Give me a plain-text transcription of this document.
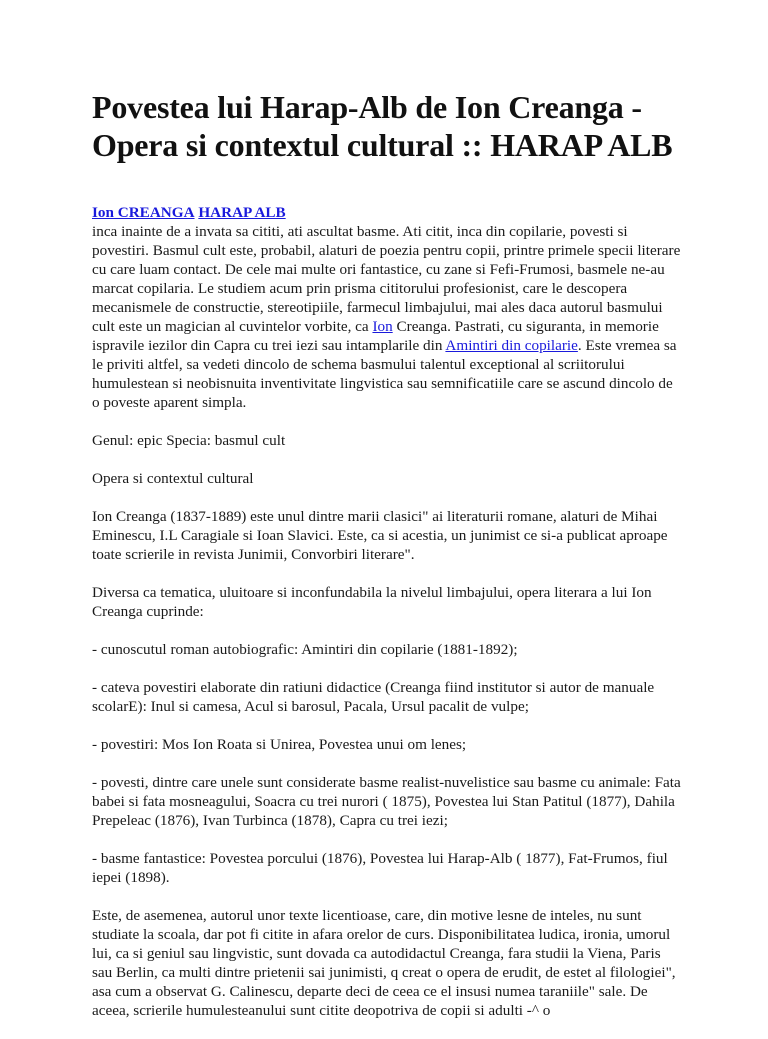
Povestea lui Harap-Alb de Ion Creanga - Opera si contextul cultural :: HARAP ALB
Ion CREANGA HARAP ALB
inca inainte de a invata sa cititi, ati ascultat basme. Ati citit, inca din copilarie, povesti si povestiri. Basmul cult este, probabil, alaturi de poezia pentru copii, printre primele specii literare cu care luam contact. De cele mai multe ori fantastice, cu zane si Fefi-Frumosi, basmele ne-au marcat copilaria. Le studiem acum prin prisma cititorului profesionist, care le descopera mecanismele de constructie, stereotipiile, farmecul limbajului, mai ales daca autorul basmului cult este un magician al cuvintelor vorbite, ca Ion Creanga. Pastrati, cu siguranta, in memorie ispravile iezilor din Capra cu trei iezi sau intamplarile din Amintiri din copilarie. Este vremea sa le priviti altfel, sa vedeti dincolo de schema basmului talentul exceptional al scriitorului humulestean si neobisnuita inventivitate lingvistica sau semnificatiile care se ascund dincolo de o poveste aparent simpla.
Genul: epic Specia: basmul cult
Opera si contextul cultural
Ion Creanga (1837-1889) este unul dintre marii clasici" ai literaturii romane, alaturi de Mihai Eminescu, I.L Caragiale si Ioan Slavici. Este, ca si acestia, un junimist ce si-a publicat aproape toate scrierile in revista Junimii, Convorbiri literare".
Diversa ca tematica, uluitoare si inconfundabila la nivelul limbajului, opera literara a lui Ion Creanga cuprinde:
- cunoscutul roman autobiografic: Amintiri din copilarie (1881-1892);
- cateva povestiri elaborate din ratiuni didactice (Creanga fiind institutor si autor de manuale scolarE): Inul si camesa, Acul si barosul, Pacala, Ursul pacalit de vulpe;
- povestiri: Mos Ion Roata si Unirea, Povestea unui om lenes;
- povesti, dintre care unele sunt considerate basme realist-nuvelistice sau basme cu animale: Fata babei si fata mosneagului, Soacra cu trei nurori ( 1875), Povestea lui Stan Patitul (1877), Dahila Prepeleac (1876), Ivan Turbinca (1878), Capra cu trei iezi;
- basme fantastice: Povestea porcului (1876), Povestea lui Harap-Alb ( 1877), Fat-Frumos, fiul iepei (1898).
Este, de asemenea, autorul unor texte licentioase, care, din motive lesne de inteles, nu sunt studiate la scoala, dar pot fi citite in afara orelor de curs. Disponibilitatea ludica, ironia, umorul lui, ca si geniul sau lingvistic, sunt dovada ca autodidactul Creanga, fara studii la Viena, Paris sau Berlin, ca multi dintre prietenii sai junimisti, q creat o opera de erudit, de estet al filologiei", asa cum a observat G. Calinescu, departe deci de ceea ce el insusi numea taraniile" sale. De aceea, scrierile humulesteanului sunt citite deopotriva de copii si adulti -^ o
